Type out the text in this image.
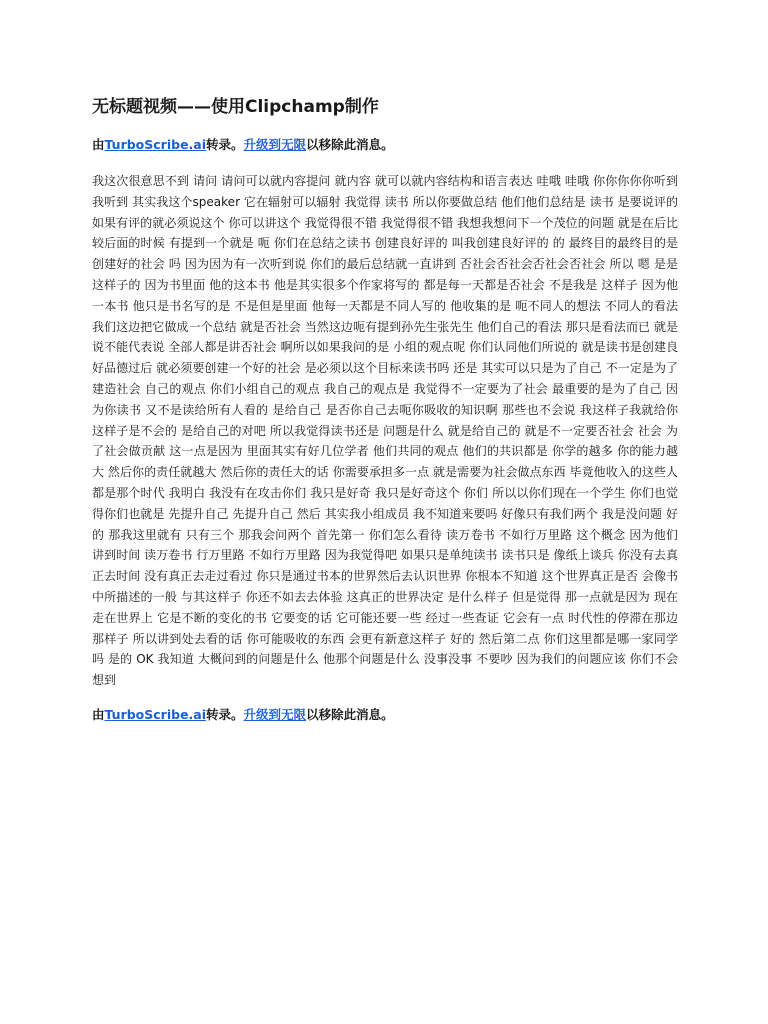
无标题视频——使用Clipchamp制作

由TurboScribe.ai转录。升级到无限以移除此消息。

我这次很意思不到 请问 请问可以就内容提问 就内容 就可以就内容结构和语言表达 哇哦 哇哦 你你你你你听到 我听到 其实我这个speaker 它在辐射可以辐射 我觉得 读书 所以你要做总结 他们他们总结是 读书 是要说评的 如果有评的就必须说这个 你可以讲这个 我觉得很不错 我觉得很不错 我想我想问下一个茂位的问题 就是在后比较后面的时候 有提到一个就是 呃 你们在总结之读书 创建良好评的 叫我创建良好评的 的 最终目的最终目的是 创建好的社会 吗 因为因为有一次听到说 你们的最后总结就一直讲到 否社会否社会否社会否社会 所以 嗯 是是这样子的 因为书里面 他的这本书 他是其实很多个作家将写的 都是每一天都是否社会 不是我是 这样子 因为他一本书 他只是书名写的是 不是但是里面 他每一天都是不同人写的 他收集的是 呃不同人的想法 不同人的看法 我们这边把它做成一个总结 就是否社会 当然这边呃有提到孙先生张先生 他们自己的看法 那只是看法而已 就是说不能代表说 全部人都是讲否社会 啊所以如果我问的是 小组的观点呢 你们认同他们所说的 就是读书是创建良好品德过后 就必须要创建一个好的社会 是必须以这个目标来读书吗 还是 其实可以只是为了自己 不一定是为了建造社会 自己的观点 你们小组自己的观点 我自己的观点是 我觉得不一定要为了社会 最重要的是为了自己 因为你读书 又不是读给所有人看的 是给自己 是否你自己去呃你吸收的知识啊 那些也不会说 我这样子我就给你 这样子是不会的 是给自己的对吧 所以我觉得读书还是 问题是什么 就是给自己的 就是不一定要否社会 社会 为了社会做贡献 这一点是因为 里面其实有好几位学者 他们共同的观点 他们的共识都是 你学的越多 你的能力越大 然后你的责任就越大 然后你的责任大的话 你需要承担多一点 就是需要为社会做点东西 毕竟他收入的这些人 都是那个时代 我明白 我没有在攻击你们 我只是好奇 我只是好奇这个 你们 所以以你们现在一个学生 你们也觉得你们也就是 先提升自己 先提升自己 然后 其实我小组成员 我不知道来要吗 好像只有我们两个 我是没问题 好的 那我这里就有 只有三个 那我会问两个 首先第一 你们怎么看待 读万卷书 不如行万里路 这个概念 因为他们讲到时间 读万卷书 行万里路 不如行万里路 因为我觉得吧 如果只是单纯读书 读书只是 像纸上谈兵 你没有去真正去时间 没有真正去走过看过 你只是通过书本的世界然后去认识世界 你根本不知道 这个世界真正是否 会像书中所描述的一般 与其这样子 你还不如去去体验 这真正的世界决定 是什么样子 但是觉得 那一点就是因为 现在走在世界上 它是不断的变化的书 它要变的话 它可能还要一些 经过一些查证 它会有一点 时代性的停滞在那边 那样子 所以讲到处去看的话 你可能吸收的东西 会更有新意这样子 好的 然后第二点 你们这里都是哪一家同学吗 是的 OK 我知道 大概问到的问题是什么 他那个问题是什么 没事没事 不要吵 因为我们的问题应该 你们不会想到

由TurboScribe.ai转录。升级到无限以移除此消息。
